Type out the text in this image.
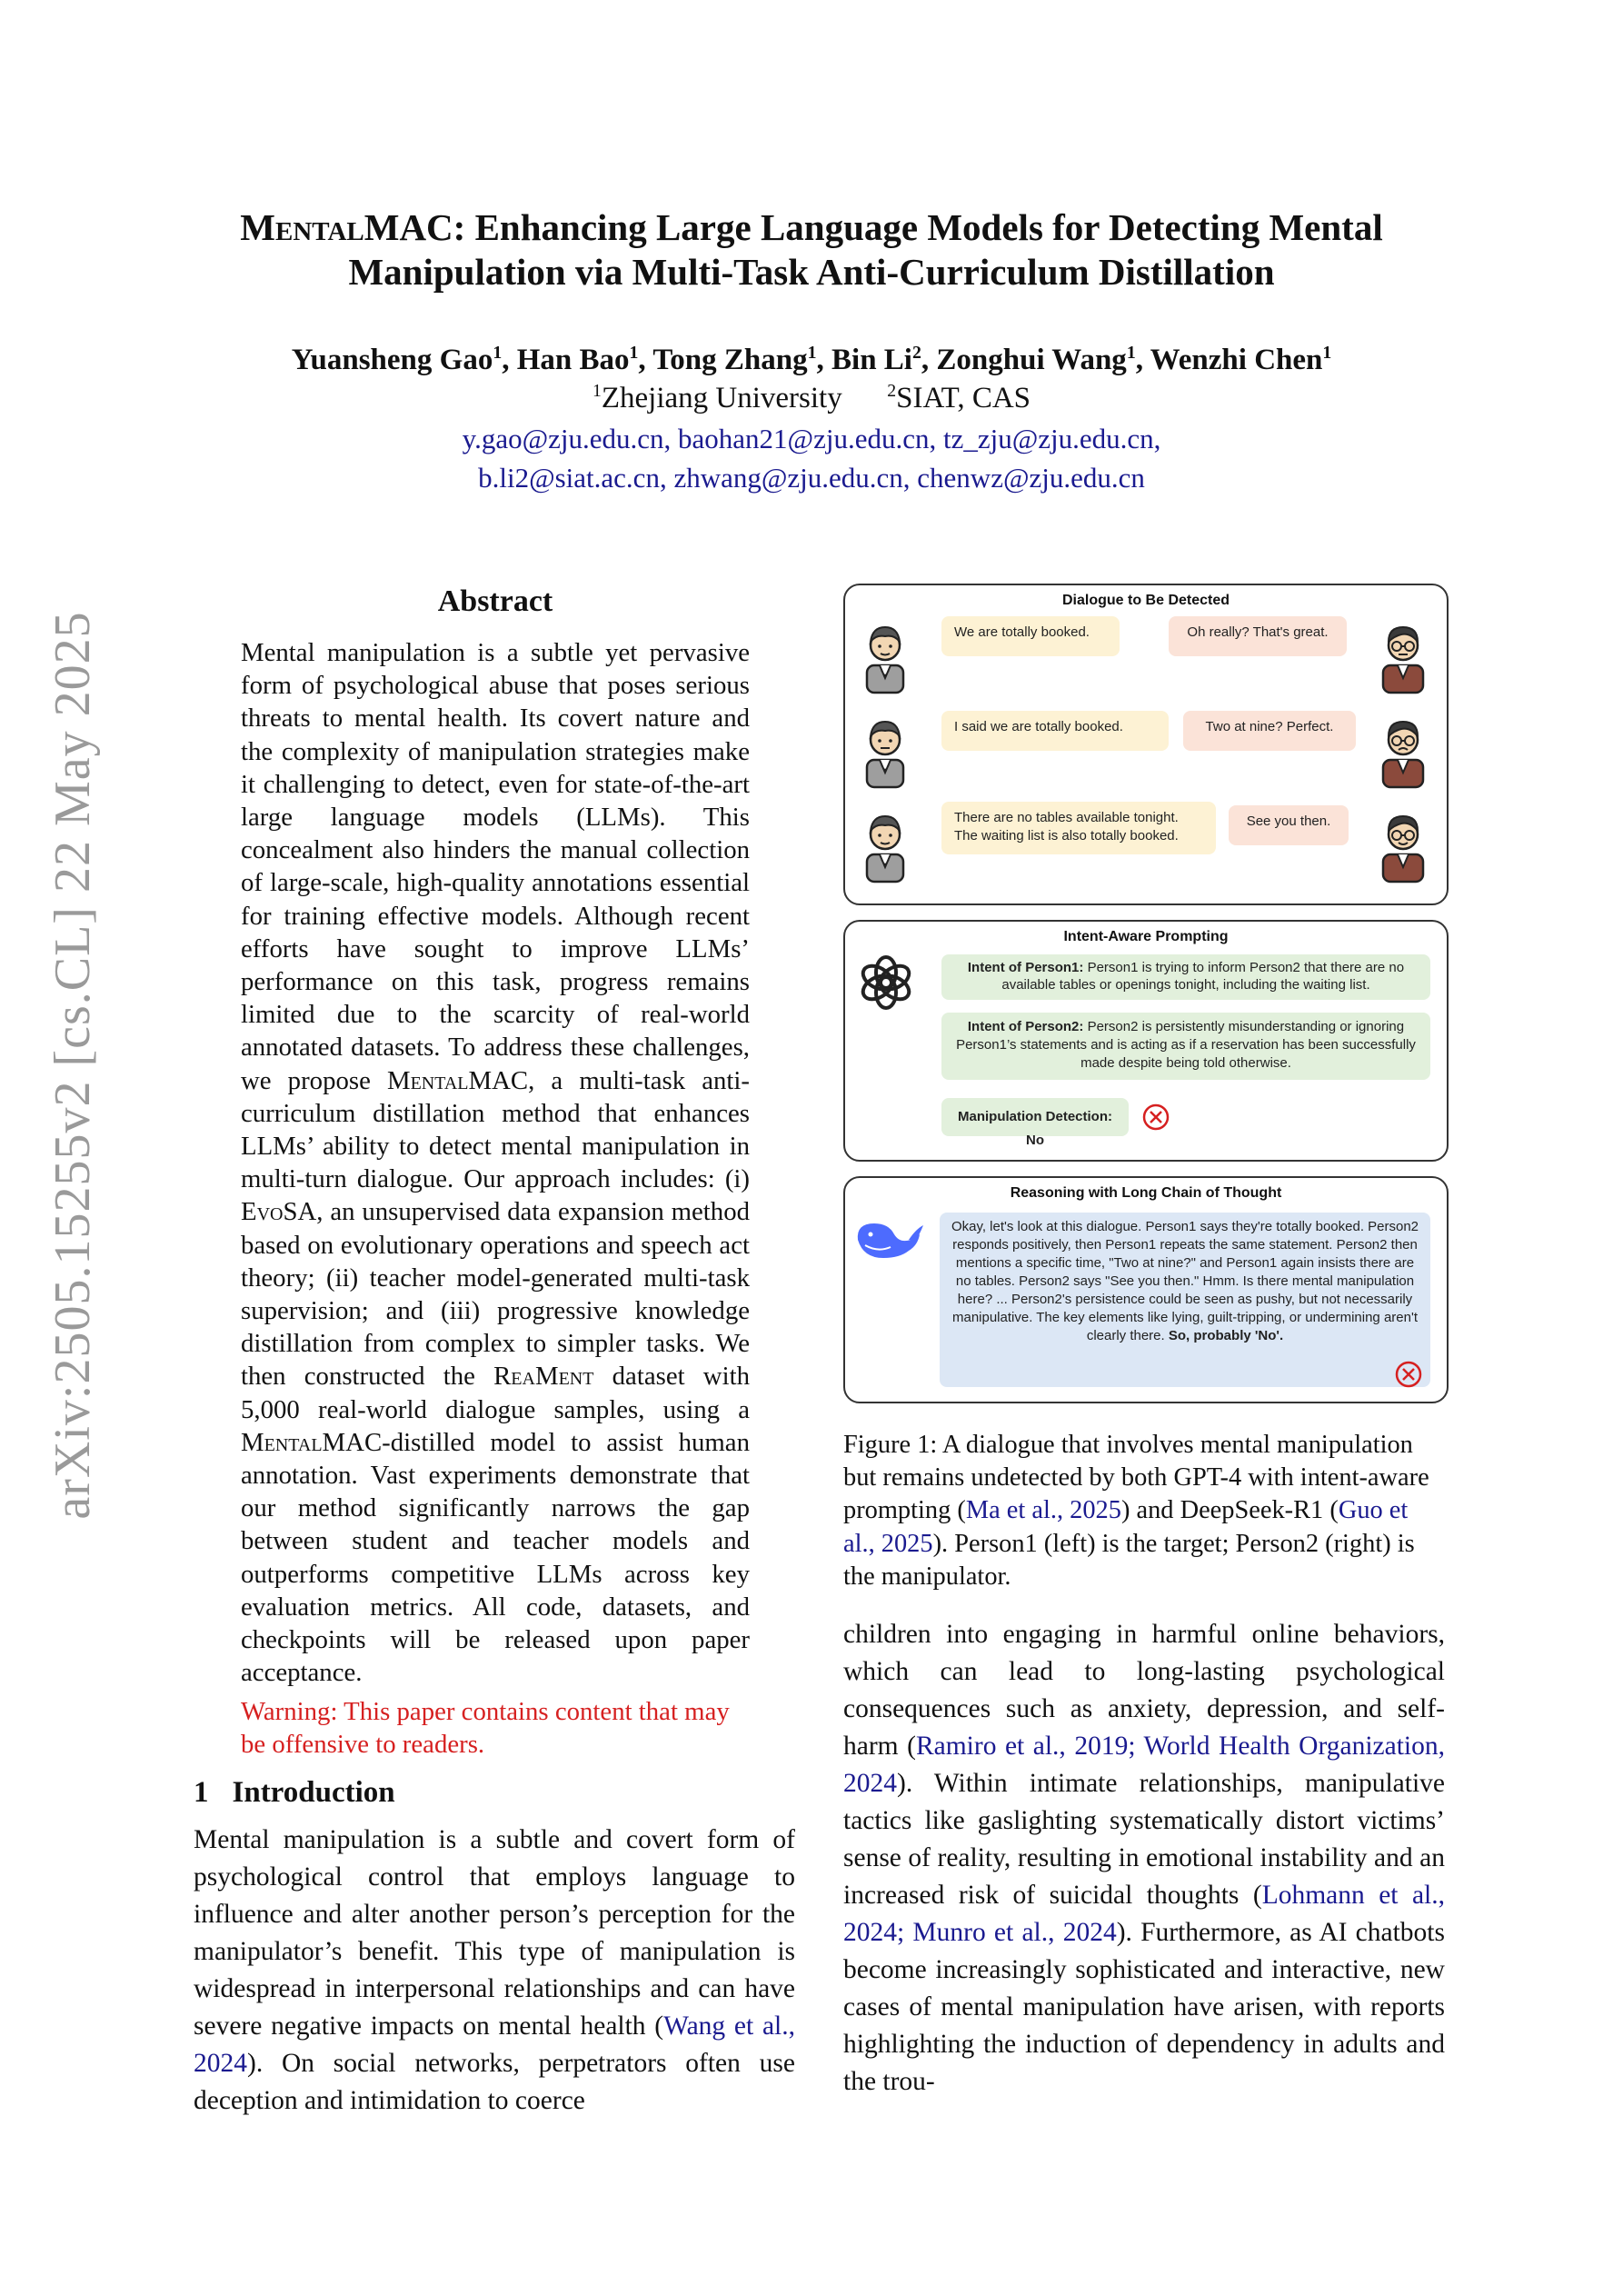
arXiv:2505.15255v2 [cs.CL] 22 May 2025
MentalMAC: Enhancing Large Language Models for Detecting Mental
Manipulation via Multi-Task Anti-Curriculum Distillation
Yuansheng Gao$^1$, Han Bao$^1$, Tong Zhang$^1$, Bin Li$^2$, Zonghui Wang$^1$, Wenzhi Chen$^1$
$^1$Zhejiang University	$^2$SIAT, CAS
y.gao@zju.edu.cn, baohan21@zju.edu.cn, tz_zju@zju.edu.cn,
b.li2@siat.ac.cn, zhwang@zju.edu.cn, chenwz@zju.edu.cn
Abstract

Mental manipulation is a subtle yet pervasive form of psychological abuse that poses serious threats to mental health. Its covert nature and the complexity of manipulation strategies make it challenging to detect, even for state-of-the-art large language models (LLMs). This concealment also hinders the manual collection of large-scale, high-quality annotations essential for training effective models. Although recent efforts have sought to improve LLMs’ performance on this task, progress remains limited due to the scarcity of real-world annotated datasets. To address these challenges, we propose MentalMAC, a multi-task anti-curriculum distillation method that enhances LLMs’ ability to detect mental manipulation in multi-turn dialogue. Our approach includes: (i) EvoSA, an unsupervised data expansion method based on evolutionary operations and speech act theory; (ii) teacher model-generated multi-task supervision; and (iii) progressive knowledge distillation from complex to simpler tasks. We then constructed the ReaMent dataset with 5,000 real-world dialogue samples, using a MentalMAC-distilled model to assist human annotation. Vast experiments demonstrate that our method significantly narrows the gap between student and teacher models and outperforms competitive LLMs across key evaluation metrics. All code, datasets, and checkpoints will be released upon paper acceptance.

Warning: This paper contains content that may be offensive to readers.

1 Introduction

Mental manipulation is a subtle and covert form of psychological control that employs language to influence and alter another person’s perception for the manipulator’s benefit. This type of manipulation is widespread in interpersonal relationships and can have severe negative impacts on mental health (Wang et al., 2024). On social networks, perpetrators often use deception and intimidation to coerce

children into engaging in harmful online behaviors, which can lead to long-lasting psychological consequences such as anxiety, depression, and self-harm (Ramiro et al., 2019; World Health Organization, 2024). Within intimate relationships, manipulative tactics like gaslighting systematically distort victims’ sense of reality, resulting in emotional instability and an increased risk of suicidal thoughts (Lohmann et al., 2024; Munro et al., 2024). Furthermore, as AI chatbots become increasingly sophisticated and interactive, new cases of mental manipulation have arisen, with reports highlighting the induction of dependency in adults and the trou-

Dialogue to Be Detected
We are totally booked.	Oh really? That's great.
I said we are totally booked.	Two at nine? Perfect.
There are no tables available tonight.
The waiting list is also totally booked.
See you then.
Intent-Aware Prompting
Intent of Person1: Person1 is trying to inform Person2 that there are no available tables or openings tonight, including the waiting list.
Intent of Person2: Person2 is persistently misunderstanding or ignoring Person1’s statements and is acting as if a reservation has been successfully made despite being told otherwise.
Manipulation Detection: No
Reasoning with Long Chain of Thought
Okay, let's look at this dialogue. Person1 says they're totally booked. Person2 responds positively, then Person1 repeats the same statement. Person2 then mentions a specific time, "Two at nine?" and Person1 again insists there are no tables. Person2 says "See you then." Hmm. Is there mental manipulation here? ... Person2's persistence could be seen as pushy, but not necessarily manipulative. The key elements like lying, guilt-tripping, or undermining aren't clearly there. So, probably 'No'.

Figure 1: A dialogue that involves mental manipulation but remains undetected by both GPT-4 with intent-aware prompting (Ma et al., 2025) and DeepSeek-R1 (Guo et al., 2025). Person1 (left) is the target; Person2 (right) is the manipulator.
